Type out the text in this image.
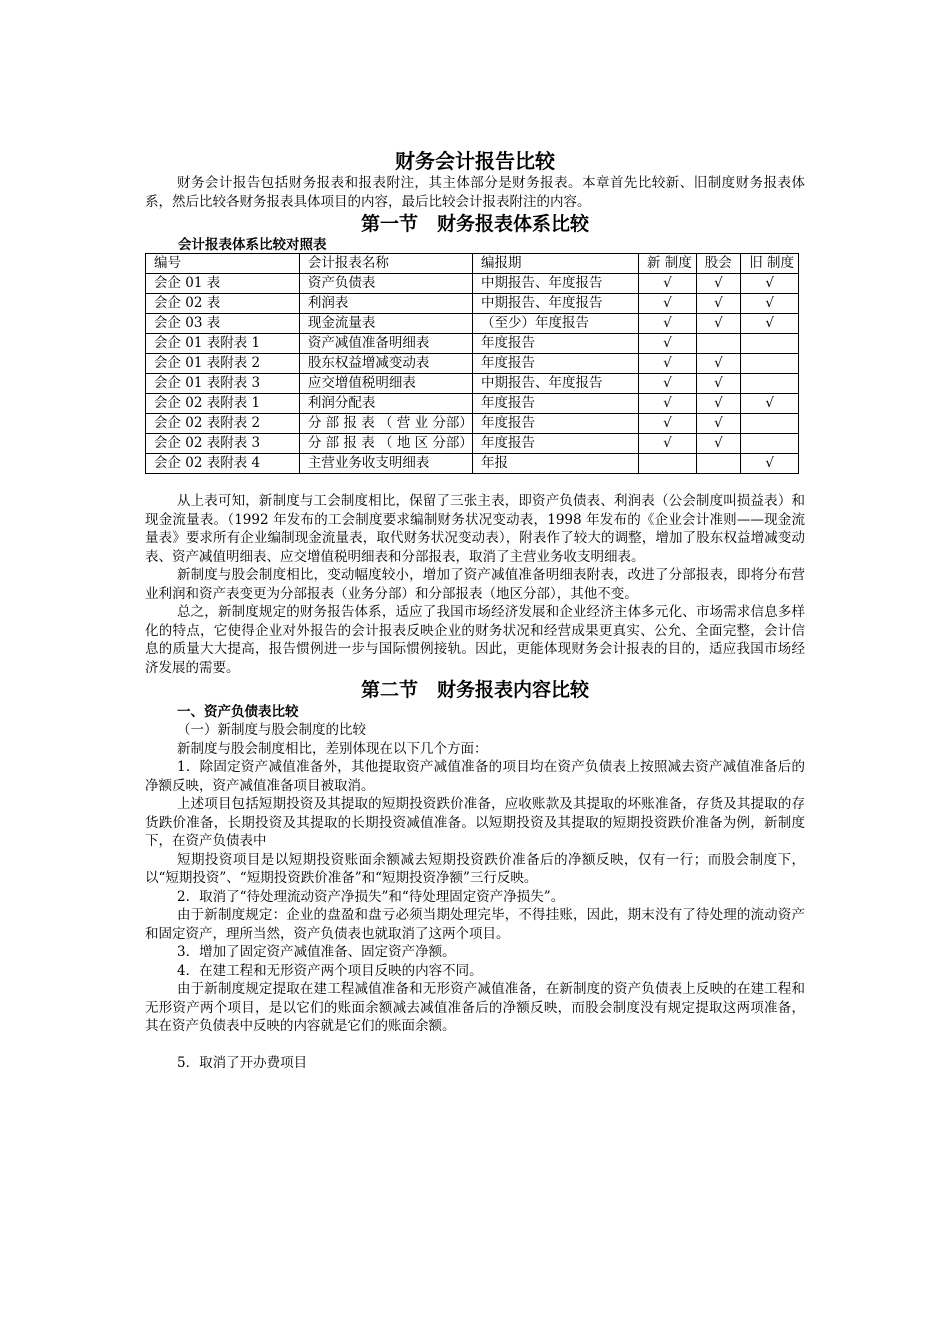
财务会计报告比较

财务会计报告包括财务报表和报表附注，其主体部分是财务报表。本章首先比较新、旧制度财务报表体系，然后比较各财务报表具体项目的内容，最后比较会计报表附注的内容。

第一节　财务报表体系比较
会计报表体系比较对照表
编号	会计报表名称	编报期	新 制度	股会	旧 制度
会企 01 表	资产负债表	中期报告、年度报告	√	√	√
会企 02 表	利润表	中期报告、年度报告	√	√	√
会企 03 表	现金流量表	（至少）年度报告	√	√	√
会企 01 表附表 1	资产减值准备明细表	年度报告	√		
会企 01 表附表 2	股东权益增减变动表	年度报告	√	√	
会企 01 表附表 3	应交增值税明细表	中期报告、年度报告	√	√	
会企 02 表附表 1	利润分配表	年度报告	√	√	√
会企 02 表附表 2	分 部 报 表 （ 营 业 分部）	年度报告	√	√	
会企 02 表附表 3	分 部 报 表 （ 地 区 分部）	年度报告	√	√	
会企 02 表附表 4	主营业务收支明细表	年报			√

从上表可知，新制度与工会制度相比，保留了三张主表，即资产负债表、利润表（公会制度叫损益表）和现金流量表。（1992 年发布的工会制度要求编制财务状况变动表，1998 年发布的《企业会计准则——现金流量表》要求所有企业编制现金流量表，取代财务状况变动表），附表作了较大的调整，增加了股东权益增减变动表、资产减值明细表、应交增值税明细表和分部报表，取消了主营业务收支明细表。

新制度与股会制度相比，变动幅度较小，增加了资产减值准备明细表附表，改进了分部报表，即将分布营业利润和资产表变更为分部报表（业务分部）和分部报表（地区分部），其他不变。

总之，新制度规定的财务报告体系，适应了我国市场经济发展和企业经济主体多元化、市场需求信息多样化的特点，它使得企业对外报告的会计报表反映企业的财务状况和经营成果更真实、公允、全面完整，会计信息的质量大大提高，报告惯例进一步与国际惯例接轨。因此，更能体现财务会计报表的目的，适应我国市场经济发展的需要。

第二节　财务报表内容比较
一、资产负债表比较

（一）新制度与股会制度的比较

新制度与股会制度相比，差别体现在以下几个方面：

1．除固定资产减值准备外，其他提取资产减值准备的项目均在资产负债表上按照减去资产减值准备后的净额反映，资产减值准备项目被取消。

上述项目包括短期投资及其提取的短期投资跌价准备，应收账款及其提取的坏账准备，存货及其提取的存货跌价准备，长期投资及其提取的长期投资减值准备。以短期投资及其提取的短期投资跌价准备为例，新制度下，在资产负债表中

短期投资项目是以短期投资账面余额减去短期投资跌价准备后的净额反映，仅有一行；而股会制度下，以“短期投资”、“短期投资跌价准备”和“短期投资净额”三行反映。

2．取消了“待处理流动资产净损失”和“待处理固定资产净损失”。

由于新制度规定：企业的盘盈和盘亏必须当期处理完毕，不得挂账，因此，期末没有了待处理的流动资产和固定资产，理所当然，资产负债表也就取消了这两个项目。

3．增加了固定资产减值准备、固定资产净额。

4．在建工程和无形资产两个项目反映的内容不同。

由于新制度规定提取在建工程减值准备和无形资产减值准备，在新制度的资产负债表上反映的在建工程和无形资产两个项目，是以它们的账面余额减去减值准备后的净额反映，而股会制度没有规定提取这两项准备，其在资产负债表中反映的内容就是它们的账面余额。

5．取消了开办费项目
